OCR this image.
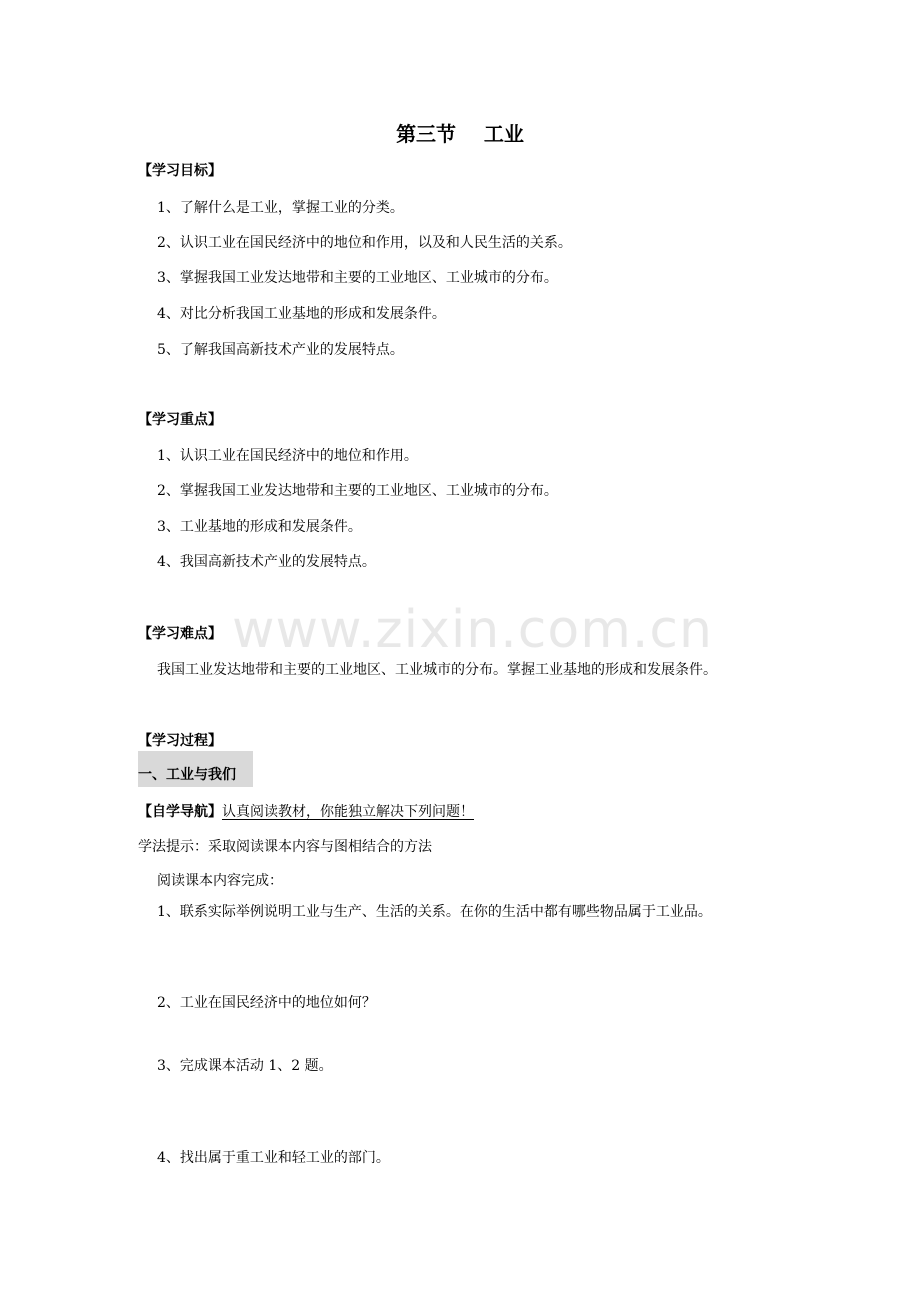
第三节    工业
【学习目标】
1、了解什么是工业，掌握工业的分类。
2、认识工业在国民经济中的地位和作用，以及和人民生活的关系。
3、掌握我国工业发达地带和主要的工业地区、工业城市的分布。
4、对比分析我国工业基地的形成和发展条件。
5、了解我国高新技术产业的发展特点。
【学习重点】
1、认识工业在国民经济中的地位和作用。
2、掌握我国工业发达地带和主要的工业地区、工业城市的分布。
3、工业基地的形成和发展条件。
4、我国高新技术产业的发展特点。
【学习难点】
我国工业发达地带和主要的工业地区、工业城市的分布。掌握工业基地的形成和发展条件。
【学习过程】
一、工业与我们
【自学导航】认真阅读教材，你能独立解决下列问题！
学法提示：采取阅读课本内容与图相结合的方法
阅读课本内容完成：
1、联系实际举例说明工业与生产、生活的关系。在你的生活中都有哪些物品属于工业品。
2、工业在国民经济中的地位如何？
3、完成课本活动 1、2 题。
4、找出属于重工业和轻工业的部门。
www.zixin.com.cn
